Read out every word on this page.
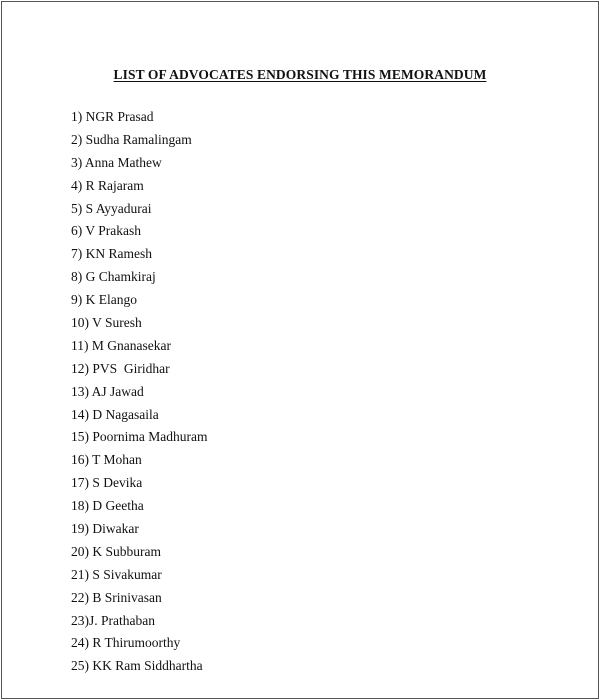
LIST OF ADVOCATES ENDORSING THIS MEMORANDUM
1) NGR Prasad
2) Sudha Ramalingam
3) Anna Mathew
4) R Rajaram
5) S Ayyadurai
6) V Prakash
7) KN Ramesh
8) G Chamkiraj
9) K Elango
10) V Suresh
11) M Gnanasekar
12) PVS  Giridhar
13) AJ Jawad
14) D Nagasaila
15) Poornima Madhuram
16) T Mohan
17) S Devika
18) D Geetha
19) Diwakar
20) K Subburam
21) S Sivakumar
22) B Srinivasan
23)J. Prathaban
24) R Thirumoorthy
25) KK Ram Siddhartha
